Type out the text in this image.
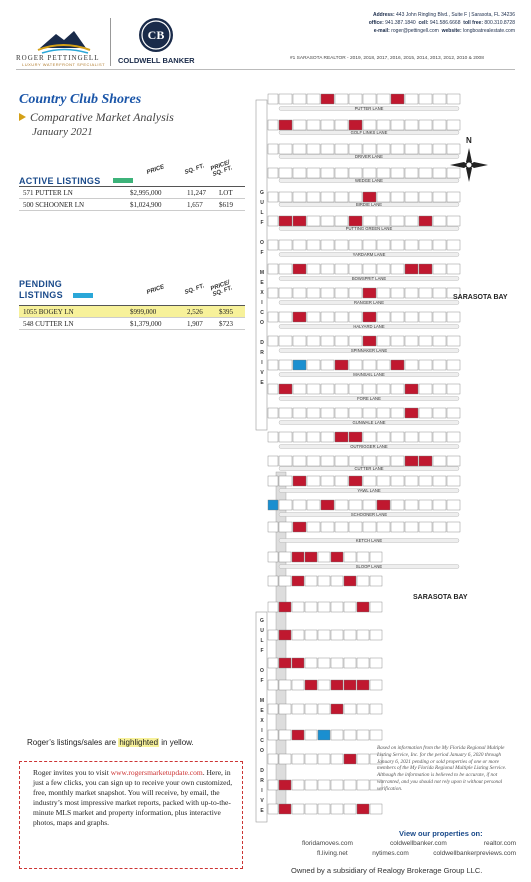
ROGER PETTINGELL
LUXURY WATERFRONT SPECIALIST
CB
COLDWELL BANKER
Address: 443 John Ringling Blvd., Suite F | Sarasota, FL 34236
office: 941.387.1840 cell: 941.586.6668 toll free: 800.310.8728
e-mail: roger@pettingell.com website: longboatrealestate.com
#1 SARASOTA REALTOR - 2019, 2018, 2017, 2016, 2015, 2014, 2013, 2012, 2010 & 2008
Country Club Shores
Comparative Market Analysis
January 2021
ACTIVE LISTINGS
PRICE	SQ. FT. PRICE/ SQ. FT.
571 PUTTER LN	$2,995,000	11,247 LOT
500 SCHOONER LN	$1,024,900	1,657 $619
PENDING LISTINGS	PRICE	SQ. FT. PRICE/ SQ. FT.
1055 BOGEY LN	$999,000	2,526 $395
548 CUTTER LN	$1,379,000	1,907 $723
PUTTER LANE
GOLF LINKS LANE
DRIVER LANE
WEDGE LANE
BIRDIE LANE
PUTTING GREEN LANE
YARDARM LANE
BOWSPRIT LANE
RANGER LANE
HALYARD LANE
SPINNAKER LANE
MAINSAIL LANE
FORE LANE
GUNWALE LANE
OUTRIGGER LANE
CUTTER LANE
YAWL LANE
SCHOONER LANE
KETCH LANE
SLOOP LANE
G
G
U
U
L
L
F
F
O
O
F
F
M
M
E
E
X
X
I
I
C
C
O
O
D
D
R
R
I
I
V
V
E
E
SARASOTA BAY
SARASOTA BAY
N
Roger’s listings/sales are highlighted in yellow.
Roger invites you to visit www.rogersmarketupdate.com. Here, in just a few clicks, you can sign up to receive your own customized, free, monthly market snapshot. You will receive, by email, the industry’s most impressive market reports, packed with up-to-the-minute MLS market and property information, plus interactive photos, maps and graphs.
Based on information from the My Florida Regional Multiple Listing Service, Inc. for the period January 6, 2020 through January 6, 2021 pending or sold properties of one or more members of the My Florida Regional Multiple Listing Service. Although the information is believed to be accurate, if not warranted, and you should not rely upon it without personal verification.
View our properties on:
floridamoves.com	coldwellbanker.com	realtor.com
fl.living.net	nytimes.com	coldwellbankerpreviews.com
Owned by a subsidiary of Realogy Brokerage Group LLC.
